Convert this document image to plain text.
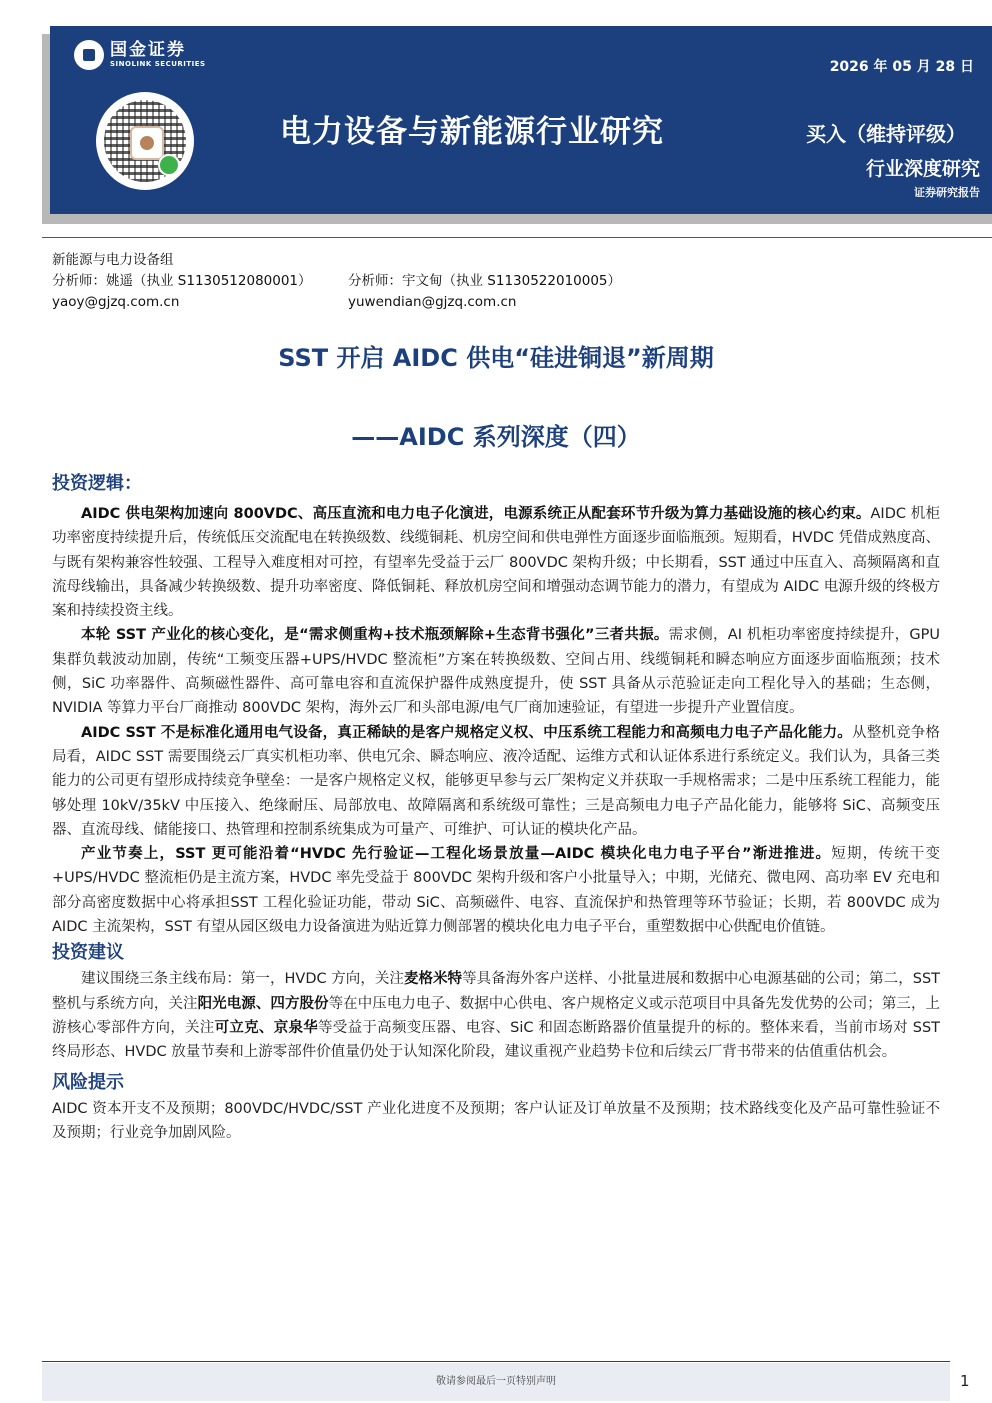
国金证券
SINOLINK SECURITIES	2026 年 05 月 28 日
电力设备与新能源行业研究	买入（维持评级）
行业深度研究
证券研究报告
新能源与电力设备组
分析师：姚遥（执业 S1130512080001）	分析师：宇文甸（执业 S1130522010005）
yaoy@gjzq.com.cn	yuwendian@gjzq.com.cn
SST 开启 AIDC 供电“硅进铜退”新周期
——AIDC 系列深度（四）
投资逻辑：

AIDC 供电架构加速向 800VDC、高压直流和电力电子化演进，电源系统正从配套环节升级为算力基础设施的核心约束。AIDC 机柜功率密度持续提升后，传统低压交流配电在转换级数、线缆铜耗、机房空间和供电弹性方面逐步面临瓶颈。短期看，HVDC 凭借成熟度高、与既有架构兼容性较强、工程导入难度相对可控，有望率先受益于云厂 800VDC 架构升级；中长期看，SST 通过中压直入、高频隔离和直流母线输出，具备减少转换级数、提升功率密度、降低铜耗、释放机房空间和增强动态调节能力的潜力，有望成为 AIDC 电源升级的终极方案和持续投资主线。

本轮 SST 产业化的核心变化，是“需求侧重构+技术瓶颈解除+生态背书强化”三者共振。需求侧，AI 机柜功率密度持续提升，GPU 集群负载波动加剧，传统“工频变压器+UPS/HVDC 整流柜”方案在转换级数、空间占用、线缆铜耗和瞬态响应方面逐步面临瓶颈；技术侧，SiC 功率器件、高频磁性器件、高可靠电容和直流保护器件成熟度提升，使 SST 具备从示范验证走向工程化导入的基础；生态侧，NVIDIA 等算力平台厂商推动 800VDC 架构，海外云厂和头部电源/电气厂商加速验证，有望进一步提升产业置信度。

AIDC SST 不是标准化通用电气设备，真正稀缺的是客户规格定义权、中压系统工程能力和高频电力电子产品化能力。从整机竞争格局看，AIDC SST 需要围绕云厂真实机柜功率、供电冗余、瞬态响应、液冷适配、运维方式和认证体系进行系统定义。我们认为，具备三类能力的公司更有望形成持续竞争壁垒：一是客户规格定义权，能够更早参与云厂架构定义并获取一手规格需求；二是中压系统工程能力，能够处理 10kV/35kV 中压接入、绝缘耐压、局部放电、故障隔离和系统级可靠性；三是高频电力电子产品化能力，能够将 SiC、高频变压器、直流母线、储能接口、热管理和控制系统集成为可量产、可维护、可认证的模块化产品。

产业节奏上，SST 更可能沿着“HVDC 先行验证—工程化场景放量—AIDC 模块化电力电子平台”渐进推进。短期，传统干变+UPS/HVDC 整流柜仍是主流方案，HVDC 率先受益于 800VDC 架构升级和客户小批量导入；中期，光储充、微电网、高功率 EV 充电和部分高密度数据中心将承担SST 工程化验证功能，带动 SiC、高频磁件、电容、直流保护和热管理等环节验证；长期，若 800VDC 成为 AIDC 主流架构，SST 有望从园区级电力设备演进为贴近算力侧部署的模块化电力电子平台，重塑数据中心供配电价值链。

投资建议

建议围绕三条主线布局：第一，HVDC 方向，关注麦格米特等具备海外客户送样、小批量进展和数据中心电源基础的公司；第二，SST 整机与系统方向，关注阳光电源、四方股份等在中压电力电子、数据中心供电、客户规格定义或示范项目中具备先发优势的公司；第三，上游核心零部件方向，关注可立克、京泉华等受益于高频变压器、电容、SiC 和固态断路器价值量提升的标的。整体来看，当前市场对 SST 终局形态、HVDC 放量节奏和上游零部件价值量仍处于认知深化阶段，建议重视产业趋势卡位和后续云厂背书带来的估值重估机会。

风险提示

AIDC 资本开支不及预期；800VDC/HVDC/SST 产业化进度不及预期；客户认证及订单放量不及预期；技术路线变化及产品可靠性验证不及预期；行业竞争加剧风险。

敬请参阅最后一页特别声明	1
